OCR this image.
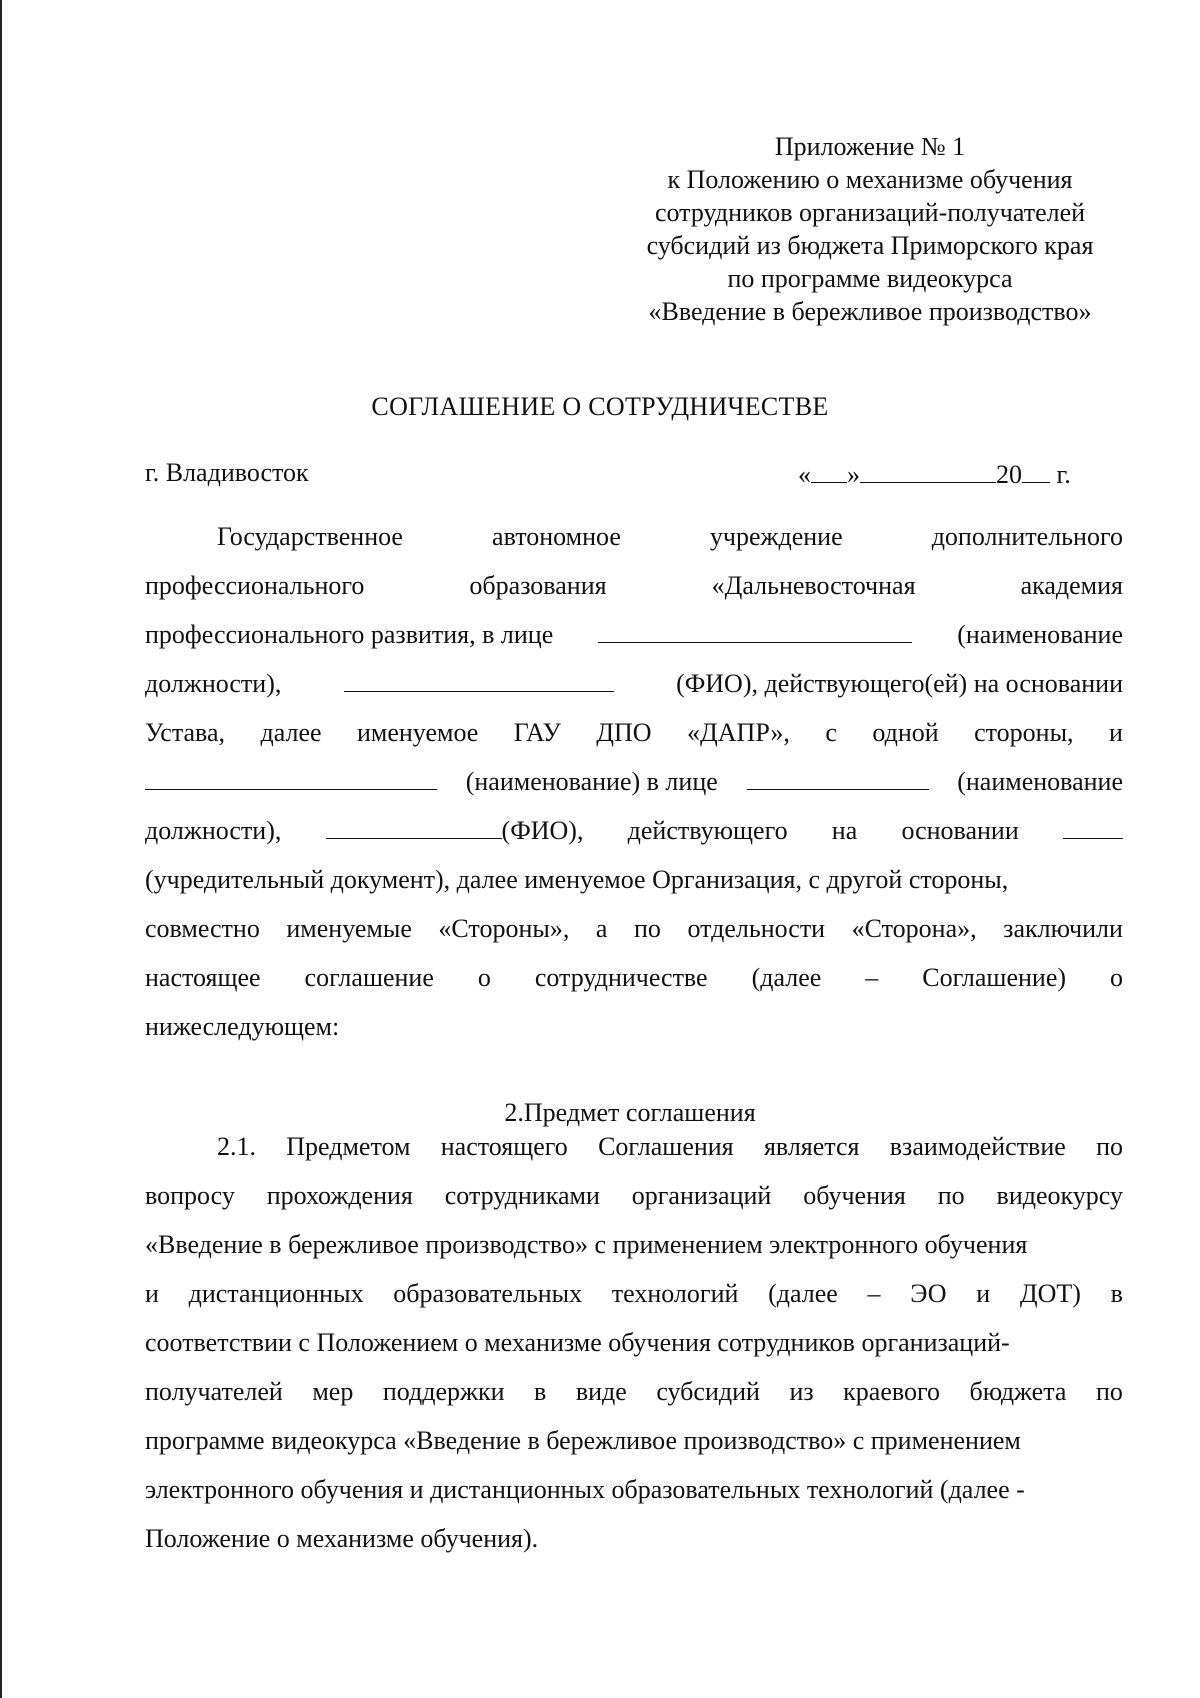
Приложение № 1
к Положению о механизме обучения
сотрудников организаций-получателей
субсидий из бюджета Приморского края
по программе видеокурса
«Введение в бережливое производство»
СОГЛАШЕНИЕ О СОТРУДНИЧЕСТВЕ
г. Владивосток	« »	20 г.
Государственное	автономное	учреждение	дополнительного
профессионального	образования	«Дальневосточная	академия
профессионального развития, в лице	(наименование
должности),	(ФИО), действующего(ей) на основании
Устава, далее именуемое ГАУ ДПО «ДАПР», с одной стороны, и
(наименование) в лице	(наименование
должности),	(ФИО), действующего на основании
(учредительный документ), далее именуемое Организация, с другой стороны,
совместно именуемые «Стороны», а по отдельности «Сторона», заключили
настоящее соглашение о сотрудничестве (далее – Соглашение) о
нижеследующем:
2.Предмет соглашения
2.1. Предметом настоящего Соглашения является взаимодействие по
вопросу прохождения сотрудниками организаций обучения по видеокурсу
«Введение в бережливое производство» с применением электронного обучения
и дистанционных образовательных технологий (далее – ЭО и ДОТ) в
соответствии с Положением о механизме обучения сотрудников организаций-
получателей мер поддержки в виде субсидий из краевого бюджета по
программе видеокурса «Введение в бережливое производство» с применением
электронного обучения и дистанционных образовательных технологий (далее -
Положение о механизме обучения).
